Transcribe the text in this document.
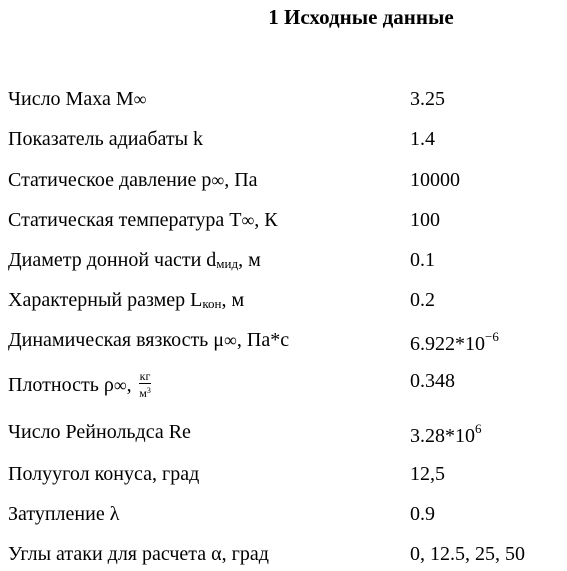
1 Исходные данные
Число Маха M∞	3.25
Показатель адиабаты k	1.4
Статическое давление p∞, Па	10000
Статическая температура T∞, К	100
Диаметр донной части dмид, м	0.1
Характерный размер Lкон, м	0.2
Динамическая вязкость μ∞, Па*с	$6.922*10^{-6}$
Плотность ρ∞, $\frac{кг}{м^3}$	0.348
Число Рейнольдса Re	$3.28*10^6$
Полуугол конуса, град	12,5
Затупление λ	0.9
Углы атаки для расчета α, град	0, 12.5, 25, 50
